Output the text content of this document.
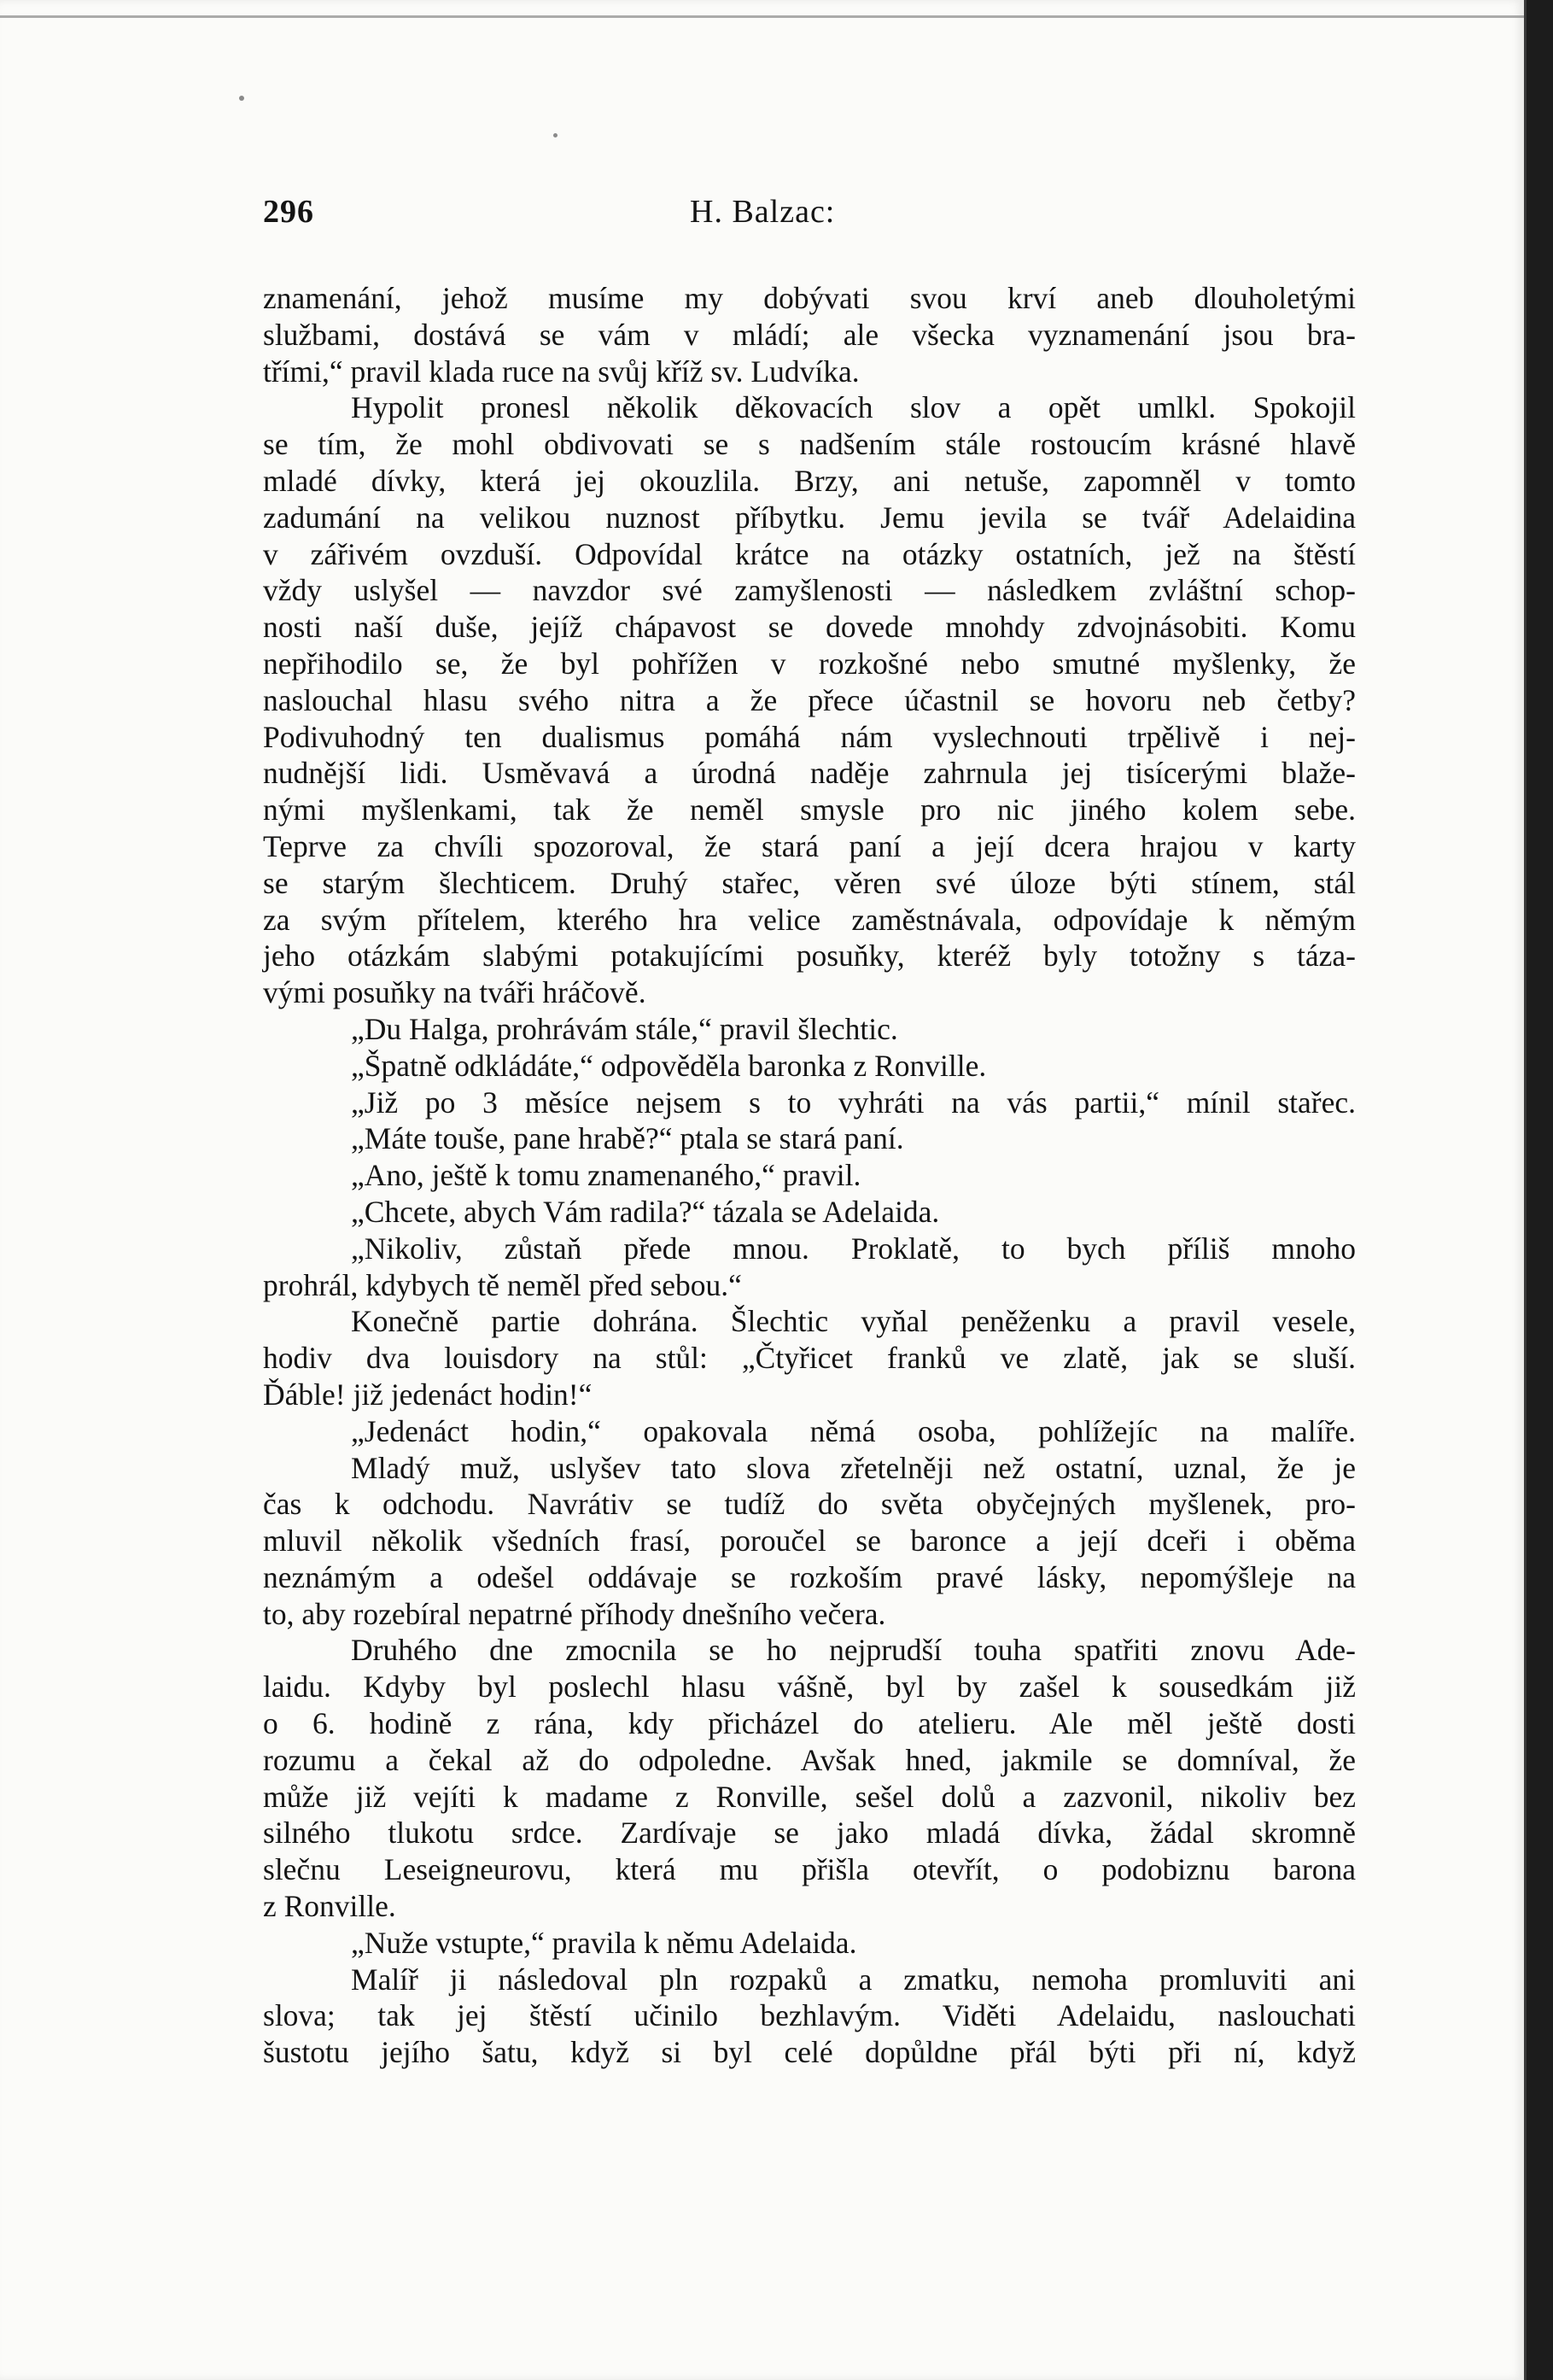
296	H. Balzac:
znamenání, jehož musíme my dobývati svou krví aneb dlouholetými
službami, dostává se vám v mládí; ale všecka vyznamenání jsou bra-
třími,“ pravil klada ruce na svůj kříž sv. Ludvíka.
Hypolit pronesl několik děkovacích slov a opět umlkl. Spokojil
se tím, že mohl obdivovati se s nadšením stále rostoucím krásné hlavě
mladé dívky, která jej okouzlila. Brzy, ani netuše, zapomněl v tomto
zadumání na velikou nuznost příbytku. Jemu jevila se tvář Adelaidina
v zářivém ovzduší. Odpovídal krátce na otázky ostatních, jež na štěstí
vždy uslyšel — navzdor své zamyšlenosti — následkem zvláštní schop-
nosti naší duše, jejíž chápavost se dovede mnohdy zdvojnásobiti. Komu
nepřihodilo se, že byl pohřížen v rozkošné nebo smutné myšlenky, že
naslouchal hlasu svého nitra a že přece účastnil se hovoru neb četby?
Podivuhodný ten dualismus pomáhá nám vyslechnouti trpělivě i nej-
nudnější lidi. Usměvavá a úrodná naděje zahrnula jej tisícerými blaže-
nými myšlenkami, tak že neměl smysle pro nic jiného kolem sebe.
Teprve za chvíli spozoroval, že stará paní a její dcera hrajou v karty
se starým šlechticem. Druhý stařec, věren své úloze býti stínem, stál
za svým přítelem, kterého hra velice zaměstnávala, odpovídaje k němým
jeho otázkám slabými potakujícími posuňky, kteréž byly totožny s táza-
vými posuňky na tváři hráčově.
„Du Halga, prohrávám stále,“ pravil šlechtic.
„Špatně odkládáte,“ odpověděla baronka z Ronville.
„Již po 3 měsíce nejsem s to vyhráti na vás partii,“ mínil stařec.
„Máte touše, pane hrabě?“ ptala se stará paní.
„Ano, ještě k tomu znamenaného,“ pravil.
„Chcete, abych Vám radila?“ tázala se Adelaida.
„Nikoliv, zůstaň přede mnou. Proklatě, to bych příliš mnoho
prohrál, kdybych tě neměl před sebou.“
Konečně partie dohrána. Šlechtic vyňal peněženku a pravil vesele,
hodiv dva louisdory na stůl: „Čtyřicet franků ve zlatě, jak se sluší.
Ďáble! již jedenáct hodin!“
„Jedenáct hodin,“ opakovala němá osoba, pohlížejíc na malíře.
Mladý muž, uslyšev tato slova zřetelněji než ostatní, uznal, že je
čas k odchodu. Navrátiv se tudíž do světa obyčejných myšlenek, pro-
mluvil několik všedních frasí, poroučel se baronce a její dceři i oběma
neznámým a odešel oddávaje se rozkoším pravé lásky, nepomýšleje na
to, aby rozebíral nepatrné příhody dnešního večera.
Druhého dne zmocnila se ho nejprudší touha spatřiti znovu Ade-
laidu. Kdyby byl poslechl hlasu vášně, byl by zašel k sousedkám již
o 6. hodině z rána, kdy přicházel do atelieru. Ale měl ještě dosti
rozumu a čekal až do odpoledne. Avšak hned, jakmile se domníval, že
může již vejíti k madame z Ronville, sešel dolů a zazvonil, nikoliv bez
silného tlukotu srdce. Zardívaje se jako mladá dívka, žádal skromně
slečnu Leseigneurovu, která mu přišla otevřít, o podobiznu barona
z Ronville.
„Nuže vstupte,“ pravila k němu Adelaida.
Malíř ji následoval pln rozpaků a zmatku, nemoha promluviti ani
slova; tak jej štěstí učinilo bezhlavým. Viděti Adelaidu, naslouchati
šustotu jejího šatu, když si byl celé dopůldne přál býti při ní, když
